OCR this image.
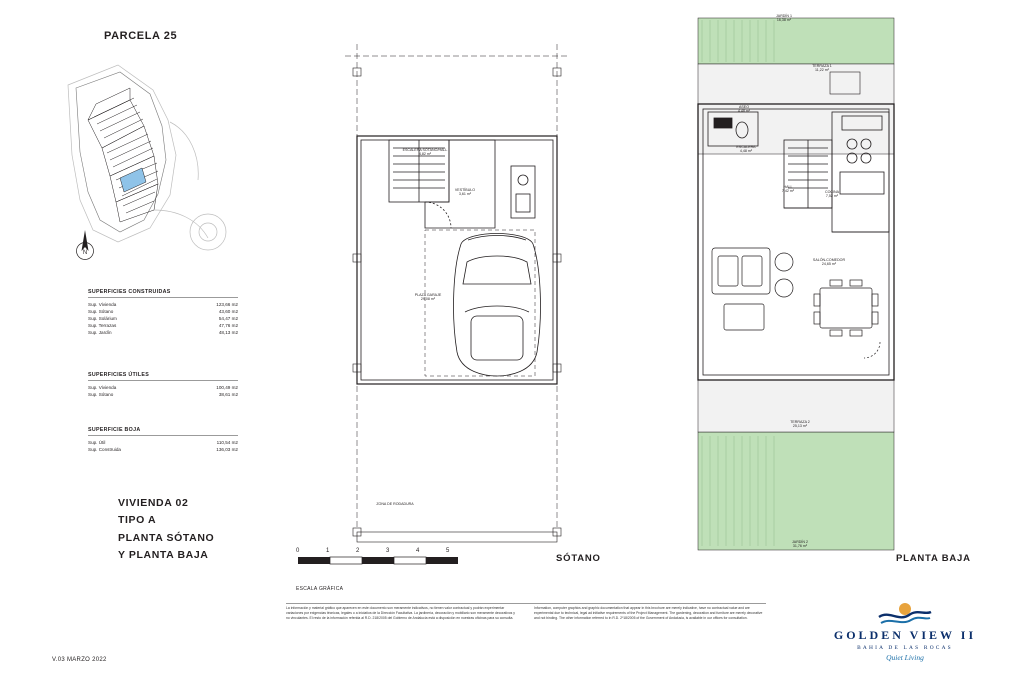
PARCELA 25
N
SUPERFICIES CONSTRUIDAS
Sup. Vivienda	123,66 m2
Sup. Sótano	43,60 m2
Sup. Solárium	54,47 m2
Sup. Terrazas	47,76 m2
Sup. Jardín	48,13 m2
SUPERFICIES ÚTILES
Sup. Vivienda	100,49 m2
Sup. Sótano	38,61 m2
SUPERFICIE BOJA
Sup. Útil	110,54 m2
Sup. Construida	136,03 m2
VIVIENDA 02
TIPO A
PLANTA SÓTANO
Y PLANTA BAJA
V.03 MARZO 2022
ESCALERA SÓTANO/HALL
4,82 m²
VESTÍBULO
3,61 m²
PLAZA GARAJE
29,08 m²
ZONA DE RODADURA
SÓTANO
0	1	2	3	4	5
ESCALA GRÁFICA
JARDÍN 1
16,38 m²
TERRAZA 1
11,22 m²
ASEO
4,48 m²
ESCALERA
4,48 m²
HALL
7,42 m²	COCINA
7,52 m²
SALÓN-COMEDOR
24,65 m²
TERRAZA 2
25,13 m²
JARDÍN 2
31,76 m²
PLANTA BAJA
La información y material gráfico que aparecen en este documento son meramente indicativos, no tienen valor contractual y podrán experimentar variaciones por exigencias técnicas, legales o a iniciativa de la Dirección Facultativa. La jardinería, decoración y mobiliario son meramente decorativos y no vinculantes. El resto de la información referida al R.D. 218/2005 del Gobierno de Andalucía está a disposición en nuestras oficinas para su consulta.
Information, computer graphics and graphic documentation that appear in this brochure are merely indicative, have no contractual value and are experimental due to technical, legal ad initiative requirements of the Project Management. The gardening, decoration and furniture are merely decorative and not binding. The other information referred to in R.D. 2º18/2005 of the Government of Andalusia, is available in our offices for consultation.
GOLDEN VIEW II
BAHIA DE LAS ROCAS
Quiet Living
